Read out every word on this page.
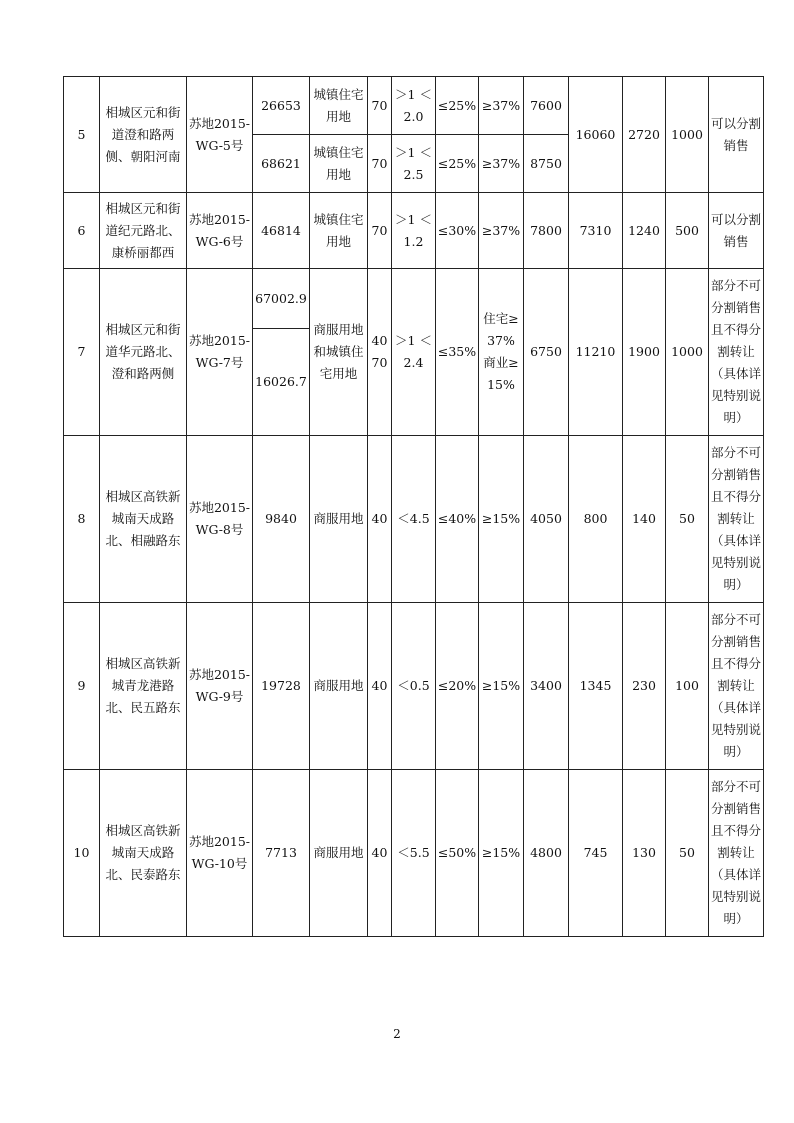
5	相城区元和街道澄和路两侧、朝阳河南	苏地2015-WG-5号	26653	城镇住宅用地	70	＞1 ＜2.0	≤25%	≥37%	7600	16060	2720	1000	可以分割销售
			68621	城镇住宅用地	70	＞1 ＜2.5	≤25%	≥37%	8750				
6	相城区元和街道纪元路北、康桥丽都西	苏地2015-WG-6号	46814	城镇住宅用地	70	＞1 ＜1.2	≤30%	≥37%	7800	7310	1240	500	可以分割销售
7	相城区元和街道华元路北、澄和路两侧	苏地2015-WG-7号	67002.9	商服用地和城镇住宅用地	40 70	＞1 ＜2.4	≤35%	住宅≥37% 商业≥15%	6750	11210	1900	1000	部分不可分割销售且不得分割转让（具体详见特别说明）
			16026.7										
8	相城区高铁新城南天成路北、相融路东	苏地2015-WG-8号	9840	商服用地	40	＜4.5	≤40%	≥15%	4050	800	140	50	部分不可分割销售且不得分割转让（具体详见特别说明）
9	相城区高铁新城青龙港路北、民五路东	苏地2015-WG-9号	19728	商服用地	40	＜0.5	≤20%	≥15%	3400	1345	230	100	部分不可分割销售且不得分割转让（具体详见特别说明）
10	相城区高铁新城南天成路北、民泰路东	苏地2015-WG-10号	7713	商服用地	40	＜5.5	≤50%	≥15%	4800	745	130	50	部分不可分割销售且不得分割转让（具体详见特别说明）
2
